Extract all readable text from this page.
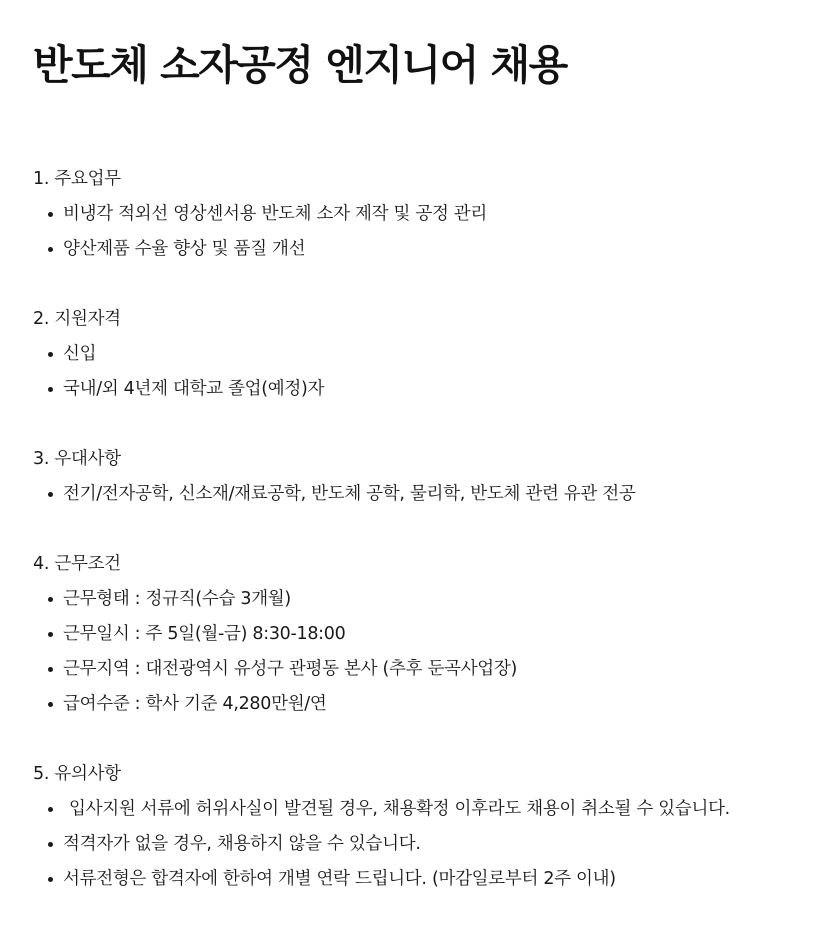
반도체 소자공정 엔지니어 채용
1. 주요업무
비냉각 적외선 영상센서용 반도체 소자 제작 및 공정 관리
양산제품 수율 향상 및 품질 개선
2. 지원자격
신입
국내/외 4년제 대학교 졸업(예정)자
3. 우대사항
전기/전자공학, 신소재/재료공학, 반도체 공학, 물리학, 반도체 관련 유관 전공
4. 근무조건
근무형태 : 정규직(수습 3개월)
근무일시 : 주 5일(월-금) 8:30-18:00
근무지역 : 대전광역시 유성구 관평동 본사 (추후 둔곡사업장)
급여수준 : 학사 기준 4,280만원/연
5. 유의사항
입사지원 서류에 허위사실이 발견될 경우, 채용확정 이후라도 채용이 취소될 수 있습니다.
적격자가 없을 경우, 채용하지 않을 수 있습니다.
서류전형은 합격자에 한하여 개별 연락 드립니다. (마감일로부터 2주 이내)
